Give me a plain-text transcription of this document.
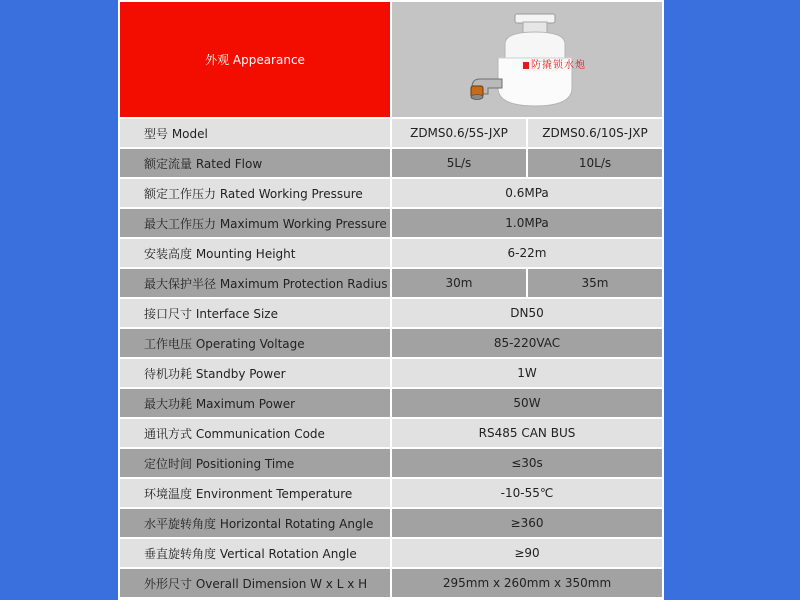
外观 Appearance	防撬锁水炮
型号 Model	ZDMS0.6/5S-JXP	ZDMS0.6/10S-JXP
额定流量 Rated Flow	5L/s	10L/s
额定工作压力 Rated Working Pressure	0.6MPa
最大工作压力 Maximum Working Pressure	1.0MPa
安装高度 Mounting Height	6-22m
最大保护半径 Maximum Protection Radius	30m	35m
接口尺寸 Interface Size	DN50
工作电压 Operating Voltage	85-220VAC
待机功耗 Standby Power	1W
最大功耗 Maximum Power	50W
通讯方式 Communication Code	RS485 CAN BUS
定位时间 Positioning Time	≤30s
环境温度 Environment Temperature	-10-55℃
水平旋转角度 Horizontal Rotating Angle	≥360
垂直旋转角度 Vertical Rotation Angle	≥90
外形尺寸 Overall Dimension W x L x H	295mm x 260mm x 350mm
